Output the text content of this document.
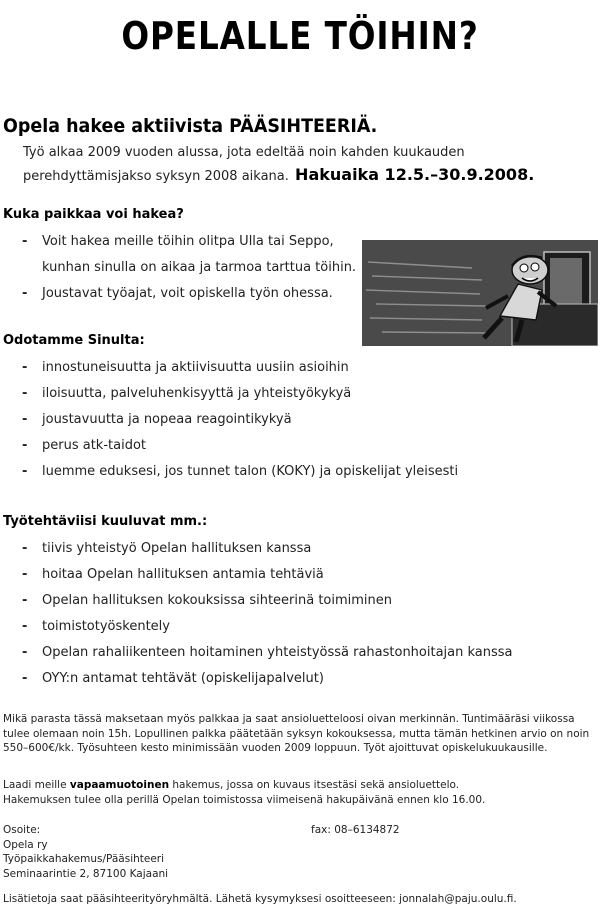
OPELALLE TÖIHIN?
Opela hakee aktiivista PÄÄSIHTEERIÄ.
Työ alkaa 2009 vuoden alussa, jota edeltää noin kahden kuukauden
perehdyttämisjakso syksyn 2008 aikana. Hakuaika 12.5.–30.9.2008.
Kuka paikkaa voi hakea?
- Voit hakea meille töihin olitpa Ulla tai Seppo,
kunhan sinulla on aikaa ja tarmoa tarttua töihin.
- Joustavat työajat, voit opiskella työn ohessa.
Odotamme Sinulta:
- innostuneisuutta ja aktiivisuutta uusiin asioihin
- iloisuutta, palveluhenkisyyttä ja yhteistyökykyä
- joustavuutta ja nopeaa reagointikykyä
- perus atk-taidot
- luemme eduksesi, jos tunnet talon (KOKY) ja opiskelijat yleisesti
Työtehtäviisi kuuluvat mm.:
- tiivis yhteistyö Opelan hallituksen kanssa
- hoitaa Opelan hallituksen antamia tehtäviä
- Opelan hallituksen kokouksissa sihteerinä toimiminen
- toimistotyöskentely
- Opelan rahaliikenteen hoitaminen yhteistyössä rahastonhoitajan kanssa
- OYY:n antamat tehtävät (opiskelijapalvelut)
Mikä parasta tässä maksetaan myös palkkaa ja saat ansioluetteloosi oivan merkinnän. Tuntimääräsi viikossa tulee olemaan noin 15h. Lopullinen palkka päätetään syksyn kokouksessa, mutta tämän hetkinen arvio on noin 550–600€/kk. Työsuhteen kesto minimissään vuoden 2009 loppuun. Työt ajoittuvat opiskelukuukausille.
Laadi meille vapaamuotoinen hakemus, jossa on kuvaus itsestäsi sekä ansioluettelo.
Hakemuksen tulee olla perillä Opelan toimistossa viimeisenä hakupäivänä ennen klo 16.00.
Osoite:
Opela ry
Työpaikkahakemus/Pääsihteeri
Seminaarintie 2, 87100 Kajaani
fax: 08–6134872
Lisätietoja saat pääsihteerityöryhmältä. Lähetä kysymyksesi osoitteeseen: jonnalah@paju.oulu.fi.
